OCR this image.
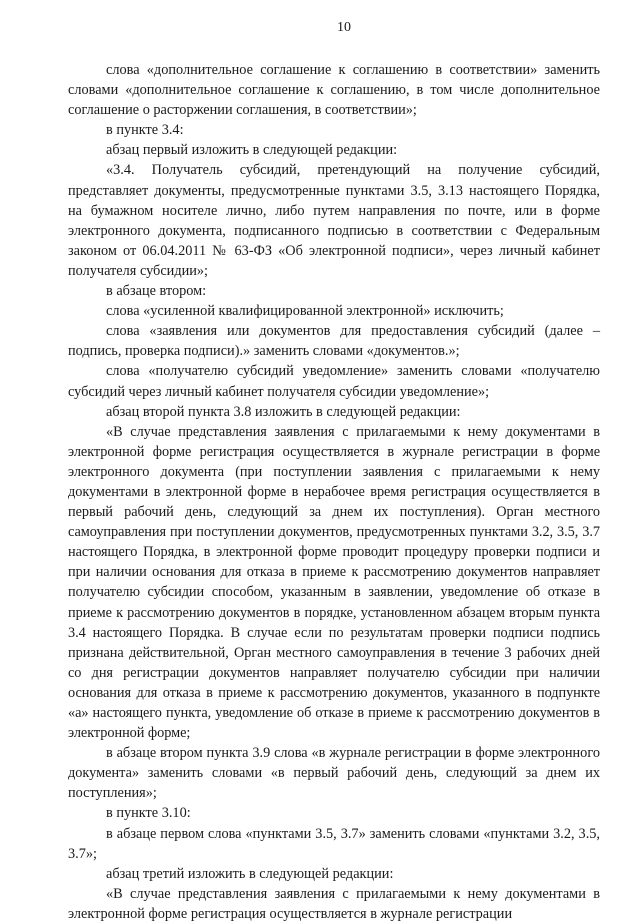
10

слова «дополнительное соглашение к соглашению в соответствии» заменить словами «дополнительное соглашение к соглашению, в том числе дополнительное соглашение о расторжении соглашения, в соответствии»;

в пункте 3.4:

абзац первый изложить в следующей редакции:

«3.4. Получатель субсидий, претендующий на получение субсидий, представляет документы, предусмотренные пунктами 3.5, 3.13 настоящего Порядка, на бумажном носителе лично, либо путем направления по почте, или в форме электронного документа, подписанного подписью в соответствии с Федеральным законом от 06.04.2011 № 63-ФЗ «Об электронной подписи», через личный кабинет получателя субсидии»;

в абзаце втором:

слова «усиленной квалифицированной электронной» исключить;

слова «заявления или документов для предоставления субсидий (далее – подпись, проверка подписи).» заменить словами «документов.»;

слова «получателю субсидий уведомление» заменить словами «получателю субсидий через личный кабинет получателя субсидии уведомление»;

абзац второй пункта 3.8 изложить в следующей редакции:

«В случае представления заявления с прилагаемыми к нему документами в электронной форме регистрация осуществляется в журнале регистрации в форме электронного документа (при поступлении заявления с прилагаемыми к нему документами в электронной форме в нерабочее время регистрация осуществляется в первый рабочий день, следующий за днем их поступления). Орган местного самоуправления при поступлении документов, предусмотренных пунктами 3.2, 3.5, 3.7 настоящего Порядка, в электронной форме проводит процедуру проверки подписи и при наличии основания для отказа в приеме к рассмотрению документов направляет получателю субсидии способом, указанным в заявлении, уведомление об отказе в приеме к рассмотрению документов в порядке, установленном абзацем вторым пункта 3.4 настоящего Порядка. В случае если по результатам проверки подписи подпись признана действительной, Орган местного самоуправления в течение 3 рабочих дней со дня регистрации документов направляет получателю субсидии при наличии основания для отказа в приеме к рассмотрению документов, указанного в подпункте «а» настоящего пункта, уведомление об отказе в приеме к рассмотрению документов в электронной форме;

в абзаце втором пункта 3.9 слова «в журнале регистрации в форме электронного документа» заменить словами «в первый рабочий день, следующий за днем их поступления»;

в пункте 3.10:

в абзаце первом слова «пунктами 3.5, 3.7» заменить словами «пунктами 3.2, 3.5, 3.7»;

абзац третий изложить в следующей редакции:

«В случае представления заявления с прилагаемыми к нему документами в электронной форме регистрация осуществляется в журнале регистрации
